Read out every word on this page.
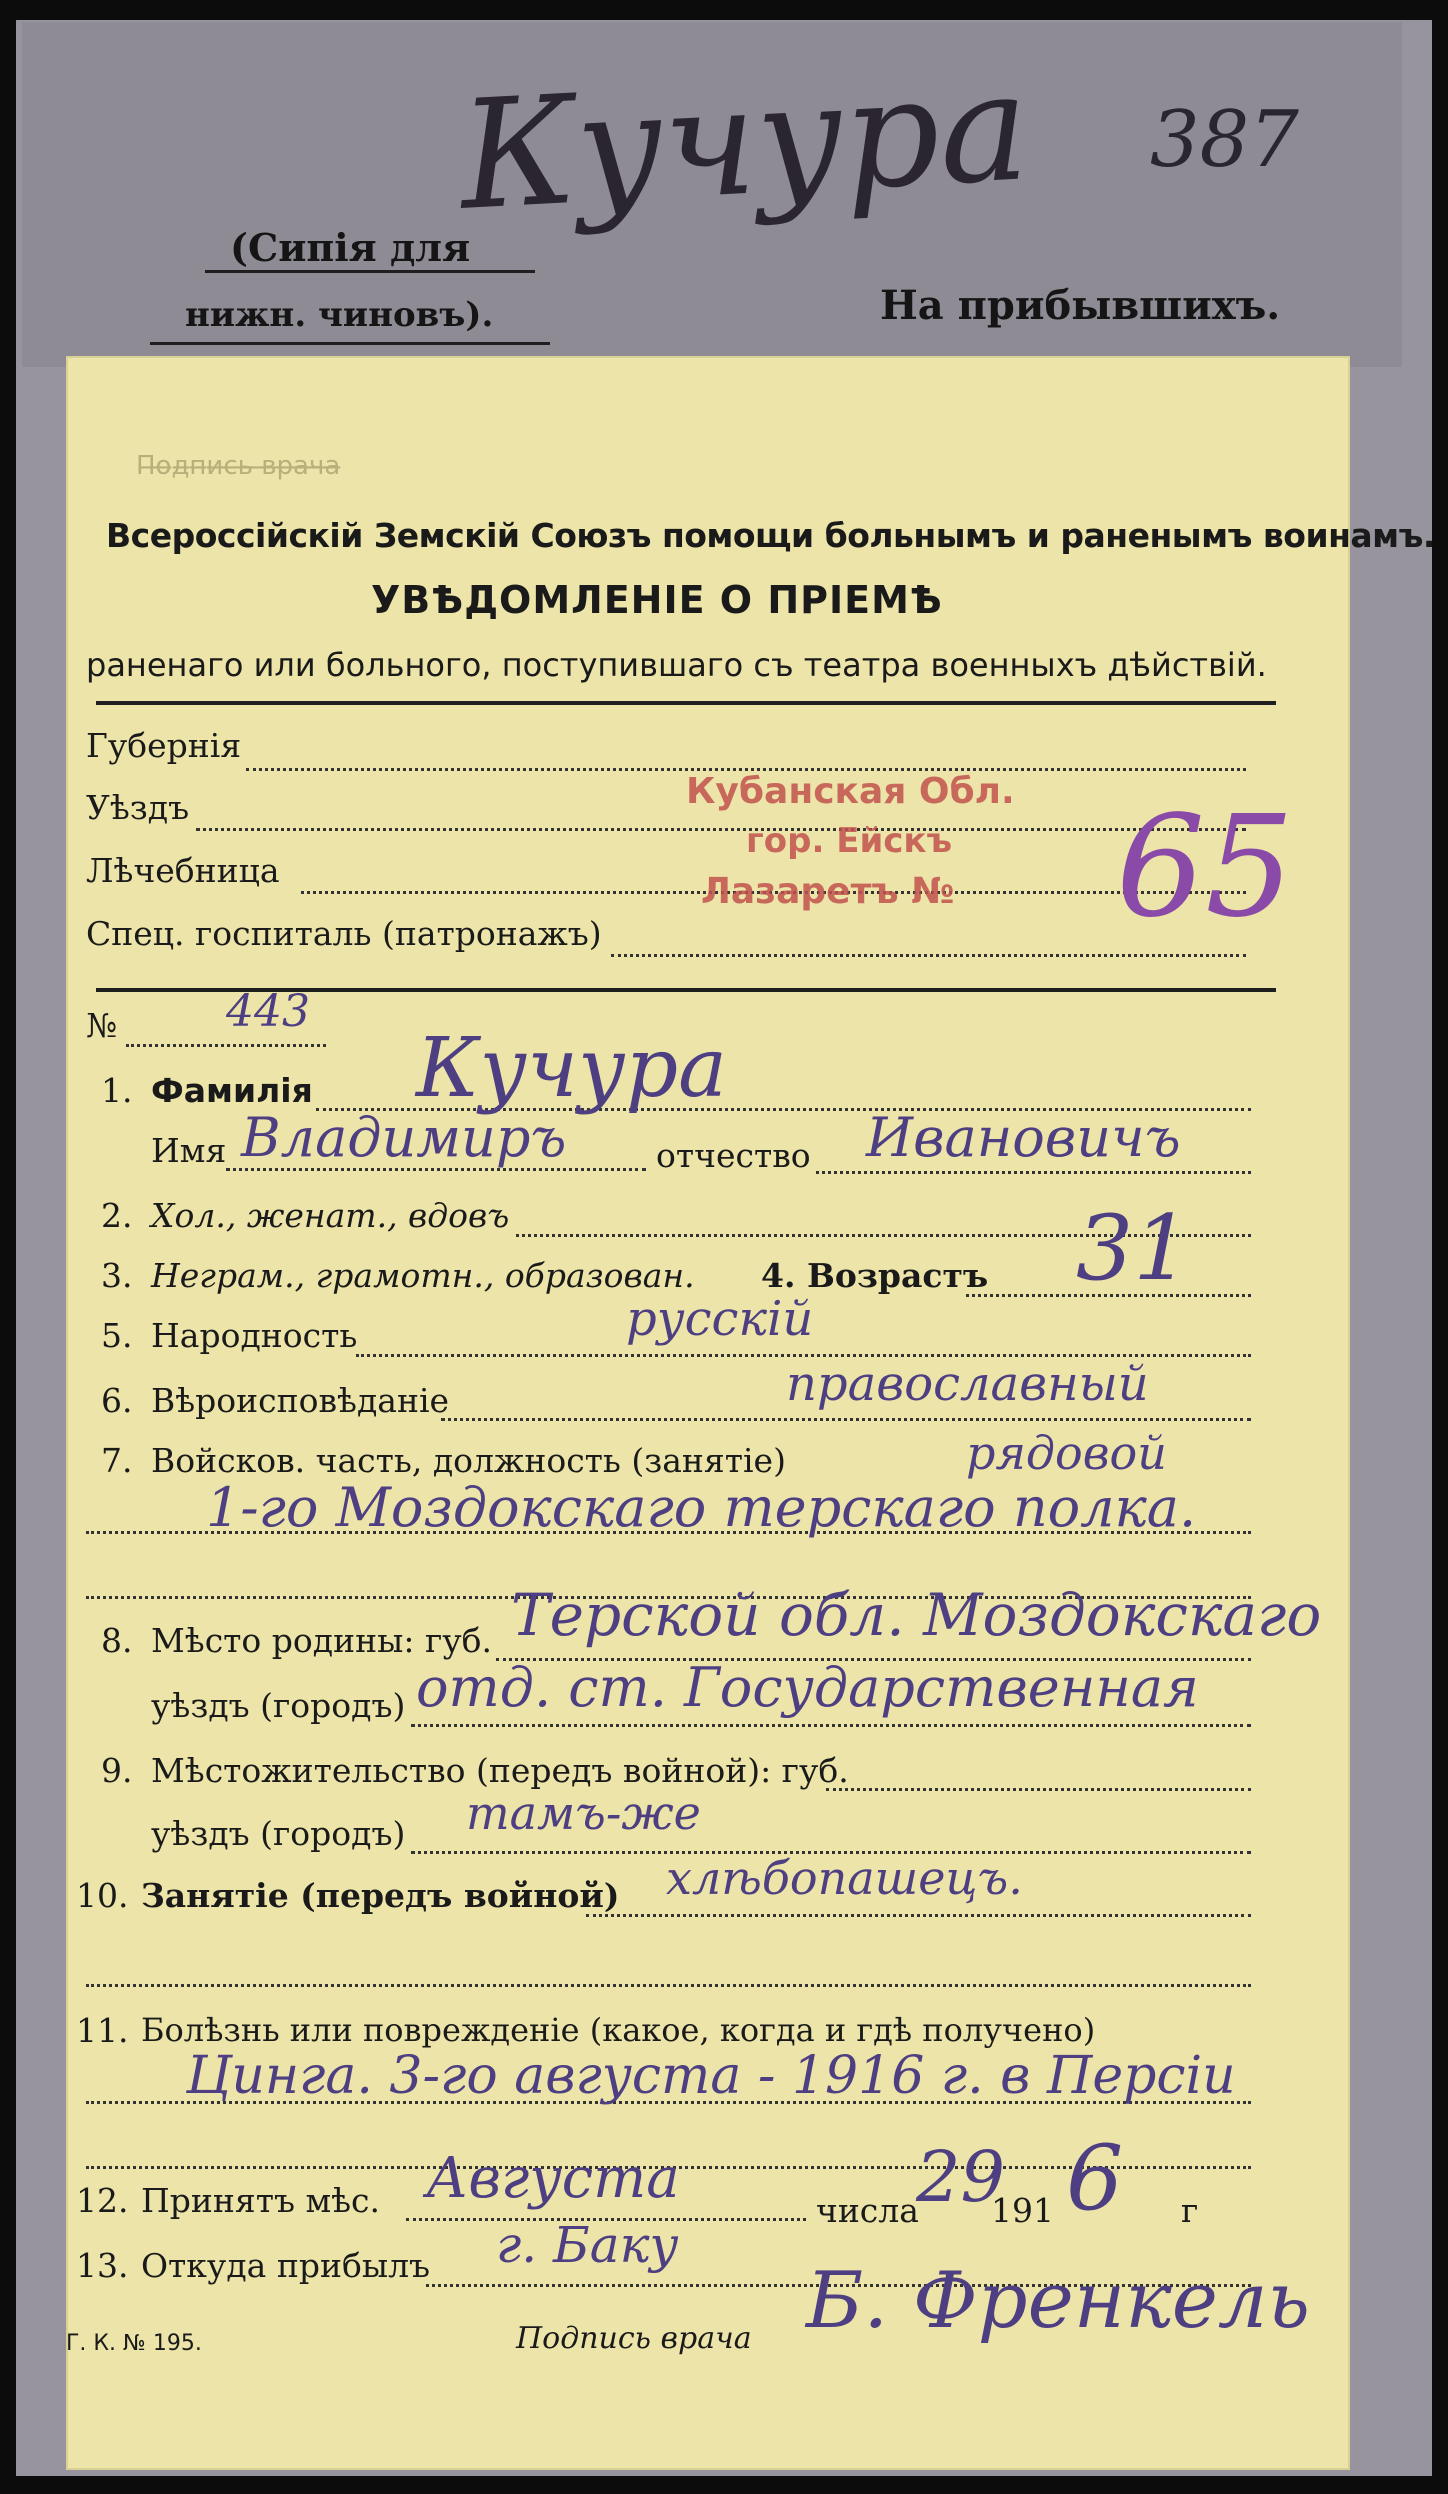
Кучура 387
(Сипія для
нижн. чиновъ).	На прибывшихъ.
П̶о̶д̶п̶и̶с̶ь̶ ̶в̶р̶а̶ч̶а̶
Всероссійскій Земскій Союзъ помощи больнымъ и раненымъ воинамъ.
УВѢДОМЛЕНІЕ О ПРІЕМѢ
раненаго или больного, поступившаго съ театра военныхъ дѣйствій.
Губернія
Уѣздъ
Лѣчебница
Спец. госпиталь (патронажъ)
Кубанская Обл.
гор. Ейскъ
Лазаретъ № 65
№ 443
1. Фамилія Кучура
Имя Владимиръ	отчество Ивановичъ
2. Хол., женат., вдовъ
3. Неграм., грамотн., образован. 4. Возрастъ 31
5. Народность	русскій
6. Вѣроисповѣданіе	православный
7. Войсков. часть, должность (занятіе)	рядовой
1-го Моздокскаго терскаго полка.
8. Мѣсто родины: губ. Терской обл. Моздокскаго
уѣздъ (городъ) отд. ст. Государственная
9. Мѣстожительство (передъ войной): губ.
уѣздъ (городъ) тамъ-же
10. Занятіе (передъ войной) хлѣбопашецъ.
11. Болѣзнь или поврежденіе (какое, когда и гдѣ получено)
Цинга. 3-го августа - 1916 г. в Персіи
12. Принятъ мѣс. Августа	числа
29
191 6 г
13. Откуда прибылъ г. Баку
Г. К. № 195.	Подпись врача Б. Френкель
